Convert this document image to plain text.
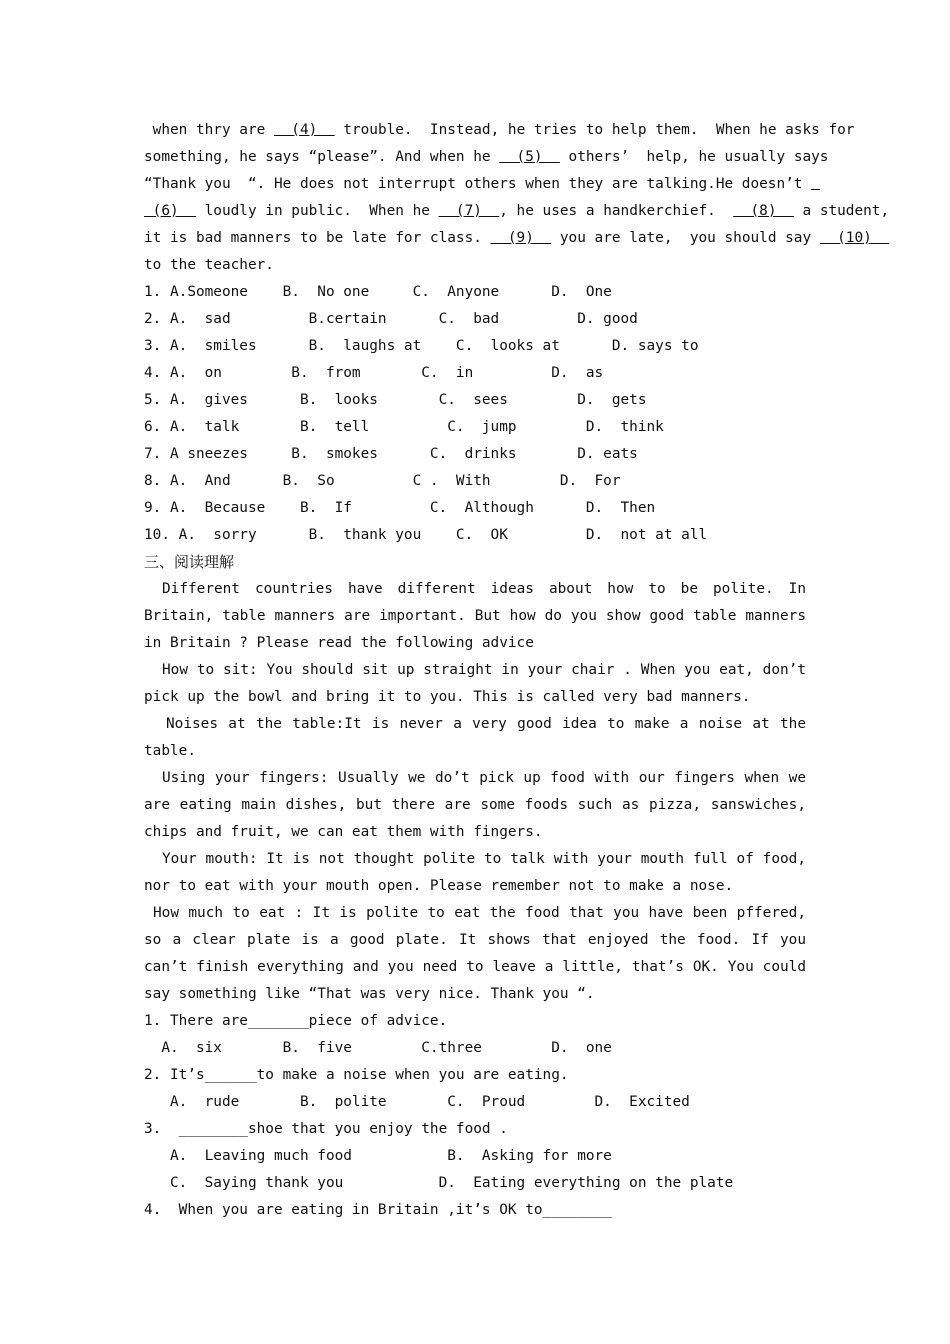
when thry are   (4)   trouble.  Instead, he tries to help them.  When he asks for
something, he says “please”. And when he   (5)   others’  help, he usually says
“Thank you  “. He does not interrupt others when they are talking.He doesn’t
(6)   loudly in public.  When he   (7)  , he uses a handkerchief.    (8)   a student,
it is bad manners to be late for class.   (9)   you are late,  you should say   (10)
to the teacher.
1. A.Someone    B.  No one     C.  Anyone      D.  One
2. A.  sad         B.certain      C.  bad         D. good
3. A.  smiles      B.  laughs at    C.  looks at      D. says to
4. A.  on        B.  from       C.  in         D.  as
5. A.  gives      B.  looks       C.  sees        D.  gets
6. A.  talk       B.  tell         C.  jump        D.  think
7. A sneezes     B.  smokes      C.  drinks       D. eats
8. A.  And      B.  So         C .  With        D.  For
9. A.  Because    B.  If         C.  Although      D.  Then
10. A.  sorry      B.  thank you    C.  OK         D.  not at all

三、阅读理解

Different countries have different ideas about how to be polite. In Britain, table manners are important. But how do you show good table manners in Britain ? Please read the following advice

How to sit: You should sit up straight in your chair . When you eat, don’t pick up the bowl and bring it to you. This is called very bad manners.

Noises at the table:It is never a very good idea to make a noise at the table.

Using your fingers: Usually we do’t pick up food with our fingers when we are eating main dishes, but there are some foods such as pizza, sanswiches, chips and fruit, we can eat them with fingers.

Your mouth: It is not thought polite to talk with your mouth full of food, nor to eat with your mouth open. Please remember not to make a nose.

How much to eat : It is polite to eat the food that you have been pffered, so a clear plate is a good plate. It shows that enjoyed the food. If you can’t finish everything and you need to leave a little, that’s OK. You could say something like “That was very nice. Thank you “.

1. There are_______piece of advice.
A.  six       B.  five        C.three        D.  one
2. It’s______to make a noise when you are eating.
A.  rude       B.  polite       C.  Proud        D.  Excited
3.  ________shoe that you enjoy the food .
A.  Leaving much food           B.  Asking for more
C.  Saying thank you           D.  Eating everything on the plate
4.  When you are eating in Britain ,it’s OK to________
